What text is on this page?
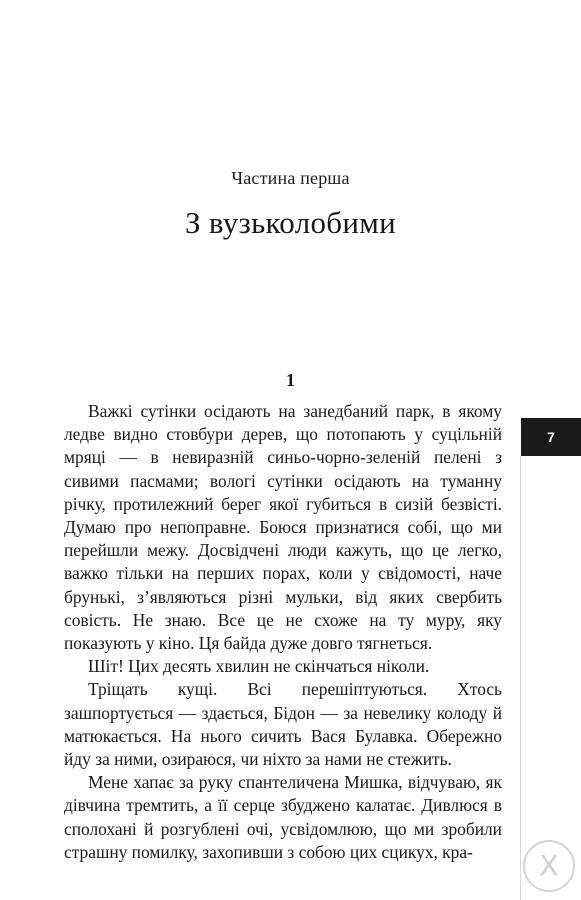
Частина перша
З вузьколобими
1

Важкі сутінки осідають на занедбаний парк, в якому ледве видно стовбури дерев, що потопають у суцільній мряці — в невиразній синьо-чорно-зеленій пелені з сивими пасмами; вологі сутінки осідають на туманну річку, протилежний берег якої губиться в сизій безвісті. Думаю про непоправне. Боюся признатися собі, що ми перейшли межу. Досвідчені люди кажуть, що це легко, важко тільки на перших порах, коли у свідомості, наче брунькі, з’являються різні мульки, від яких свербить совість. Не знаю. Все це не схоже на ту муру, яку показують у кіно. Ця байда дуже довго тягнеться.

Шіт! Цих десять хвилин не скінчаться ніколи.

Тріщать кущі. Всі перешіптуються. Хтось зашпортується — здається, Бідон — за невелику колоду й матюкається. На нього сичить Вася Булавка. Обережно йду за ними, озираюся, чи ніхто за нами не стежить.

Мене хапає за руку спантеличена Мишка, відчуваю, як дівчина тремтить, а її серце збуджено калатає. Дивлюся в сполохані й розгублені очі, усвідомлюю, що ми зробили страшну помилку, захопивши з собою цих сцикух, кра-

7
X
